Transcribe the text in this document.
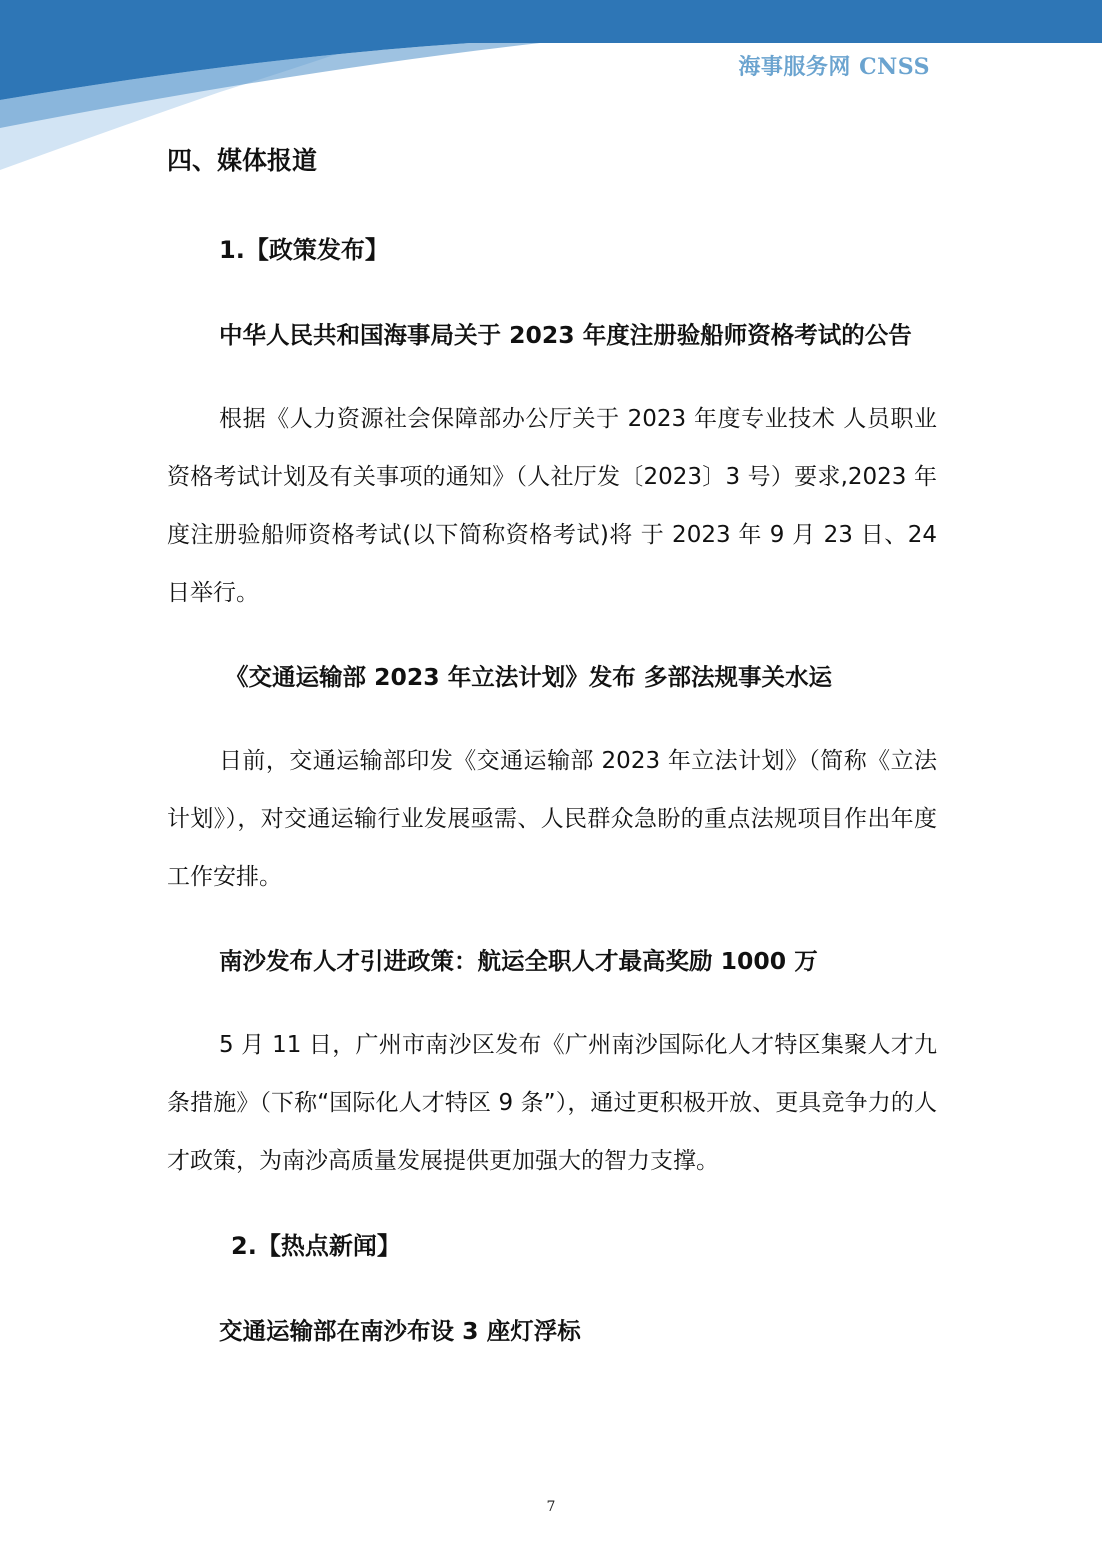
海事服务网 CNSS
四、媒体报道
1.【政策发布】
中华人民共和国海事局关于 2023 年度注册验船师资格考试的公告
根据《人力资源社会保障部办公厅关于 2023 年度专业技术 人员职业资格考试计划及有关事项的通知》（人社厅发〔2023〕3 号）要求,2023 年度注册验船师资格考试(以下简称资格考试)将 于 2023 年 9 月 23 日、24 日举行。
《交通运输部 2023 年立法计划》发布 多部法规事关水运
日前，交通运输部印发《交通运输部 2023 年立法计划》（简称《立法计划》），对交通运输行业发展亟需、人民群众急盼的重点法规项目作出年度工作安排。
南沙发布人才引进政策：航运全职人才最高奖励 1000 万
5 月 11 日，广州市南沙区发布《广州南沙国际化人才特区集聚人才九条措施》（下称“国际化人才特区 9 条”），通过更积极开放、更具竞争力的人才政策，为南沙高质量发展提供更加强大的智力支撑。
2.【热点新闻】
交通运输部在南沙布设 3 座灯浮标
7
